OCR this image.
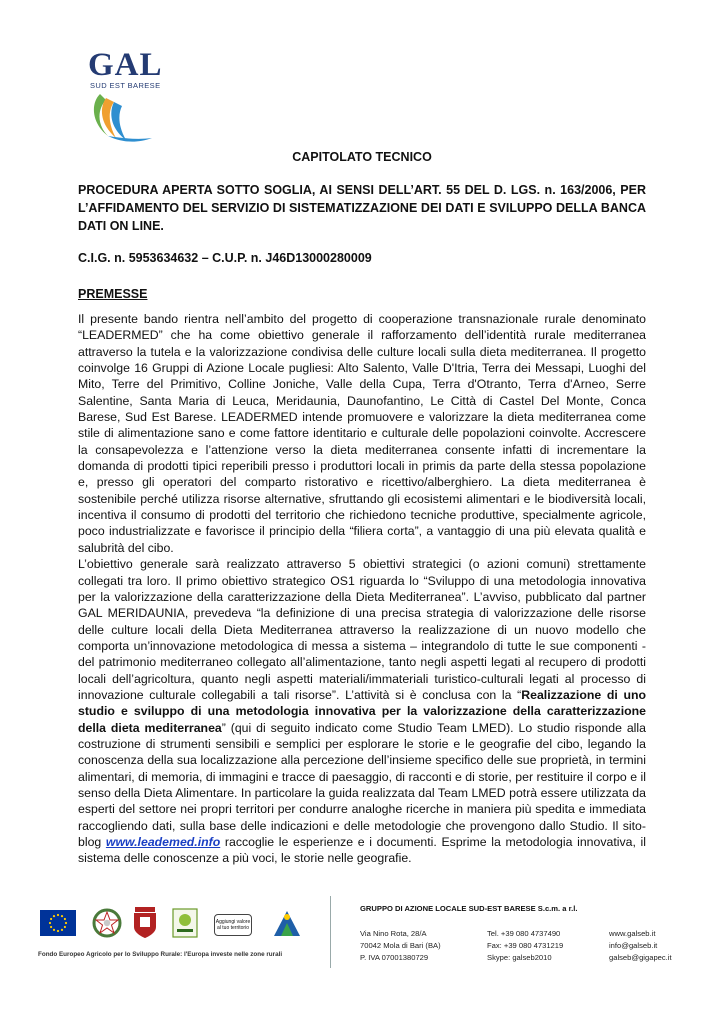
GAL
SUD EST BARESE

CAPITOLATO TECNICO

PROCEDURA APERTA SOTTO SOGLIA, AI SENSI DELL’ART. 55 DEL D. LGS. n. 163/2006, PER L’AFFIDAMENTO DEL SERVIZIO DI SISTEMATIZZAZIONE DEI DATI E SVILUPPO DELLA BANCA DATI ON LINE.

C.I.G. n. 5953634632 – C.U.P. n. J46D13000280009

PREMESSE

Il presente bando rientra nell’ambito del progetto di cooperazione transnazionale rurale denominato “LEADERMED” che ha come obiettivo generale il rafforzamento dell’identità rurale mediterranea attraverso la tutela e la valorizzazione condivisa delle culture locali sulla dieta mediterranea. Il progetto coinvolge 16 Gruppi di Azione Locale pugliesi: Alto Salento, Valle D'Itria, Terra dei Messapi, Luoghi del Mito, Terre del Primitivo, Colline Joniche, Valle della Cupa, Terra d'Otranto, Terra d'Arneo, Serre Salentine, Santa Maria di Leuca, Meridaunia, Daunofantino, Le Città di Castel Del Monte, Conca Barese, Sud Est Barese. LEADERMED intende promuovere e valorizzare la dieta mediterranea come stile di alimentazione sano e come fattore identitario e culturale delle popolazioni coinvolte. Accrescere la consapevolezza e l’attenzione verso la dieta mediterranea consente infatti di incrementare la domanda di prodotti tipici reperibili presso i produttori locali in primis da parte della stessa popolazione e, presso gli operatori del comparto ristorativo e ricettivo/alberghiero. La dieta mediterranea è sostenibile perché utilizza risorse alternative, sfruttando gli ecosistemi alimentari e le biodiversità locali, incentiva il consumo di prodotti del territorio che richiedono tecniche produttive, specialmente agricole, poco industrializzate e favorisce il principio della “filiera corta”, a vantaggio di una più elevata qualità e salubrità del cibo.

L’obiettivo generale sarà realizzato attraverso 5 obiettivi strategici (o azioni comuni) strettamente collegati tra loro. Il primo obiettivo strategico OS1 riguarda lo “Sviluppo di una metodologia innovativa per la valorizzazione della caratterizzazione della Dieta Mediterranea”. L’avviso, pubblicato dal partner GAL MERIDAUNIA, prevedeva “la definizione di una precisa strategia di valorizzazione delle risorse delle culture locali della Dieta Mediterranea attraverso la realizzazione di un nuovo modello che comporta un’innovazione metodologica di messa a sistema – integrandolo di tutte le sue componenti - del patrimonio mediterraneo collegato all’alimentazione, tanto negli aspetti legati al recupero di prodotti locali dell’agricoltura, quanto negli aspetti materiali/immateriali turistico-culturali legati al processo di innovazione culturale collegabili a tali risorse”. L’attività si è conclusa con la “Realizzazione di uno studio e sviluppo di una metodologia innovativa per la valorizzazione della caratterizzazione della dieta mediterranea” (qui di seguito indicato come Studio Team LMED). Lo studio risponde alla costruzione di strumenti sensibili e semplici per esplorare le storie e le geografie del cibo, legando la conoscenza della sua localizzazione alla percezione dell’insieme specifico delle sue proprietà, in termini alimentari, di memoria, di immagini e tracce di paesaggio, di racconti e di storie, per restituire il corpo e il senso della Dieta Alimentare. In particolare la guida realizzata dal Team LMED potrà essere utilizzata da esperti del settore nei propri territori per condurre analoghe ricerche in maniera più spedita e immediata raccogliendo dati, sulla base delle indicazioni e delle metodologie che provengono dallo Studio. Il sito-blog www.leademed.info raccoglie le esperienze e i documenti. Esprime la metodologia innovativa, il sistema delle conoscenze a più voci, le storie nelle geografie.

Aggiungi valore al tuo territorio
Fondo Europeo Agricolo per lo Sviluppo Rurale: l'Europa investe nelle zone rurali
GRUPPO DI AZIONE LOCALE SUD-EST BARESE S.c.m. a r.l.
Via Nino Rota, 28/A
70042 Mola di Bari (BA)
P. IVA 07001380729
Tel. +39 080 4737490
Fax: +39 080 4731219
Skype: galseb2010
www.galseb.it
info@galseb.it
galseb@gigapec.it
